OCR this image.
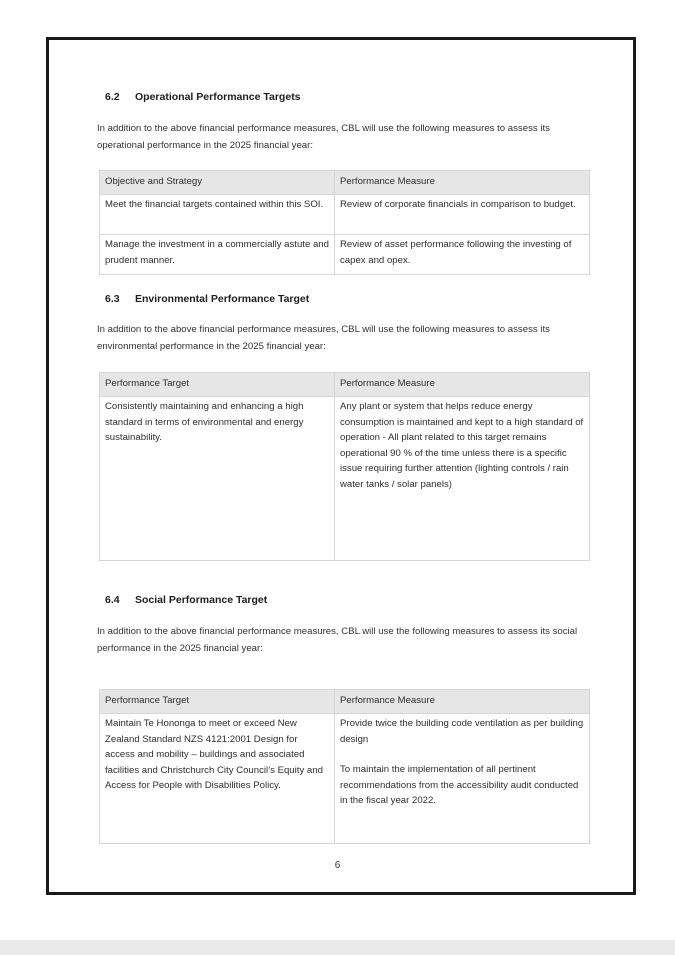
6.2 Operational Performance Targets
In addition to the above financial performance measures, CBL will use the following measures to assess its operational performance in the 2025 financial year:
Objective and Strategy	Performance Measure
Meet the financial targets contained within this SOI.	Review of corporate financials in comparison to budget.
Manage the investment in a commercially astute and prudent manner.	Review of asset performance following the investing of capex and opex.
6.3 Environmental Performance Target
In addition to the above financial performance measures, CBL will use the following measures to assess its environmental performance in the 2025 financial year:
Performance Target	Performance Measure
Consistently maintaining and enhancing a high standard in terms of environmental and energy sustainability.	Any plant or system that helps reduce energy consumption is maintained and kept to a high standard of operation - All plant related to this target remains operational 90 % of the time unless there is a specific issue requiring further attention (lighting controls / rain water tanks / solar panels)
6.4 Social Performance Target
In addition to the above financial performance measures, CBL will use the following measures to assess its social performance in the 2025 financial year:
Performance Target	Performance Measure
Maintain Te Hononga to meet or exceed New Zealand Standard NZS 4121:2001 Design for access and mobility – buildings and associated facilities and Christchurch City Council’s Equity and Access for People with Disabilities Policy.	Provide twice the building code ventilation as per building design
To maintain the implementation of all pertinent recommendations from the accessibility audit conducted in the fiscal year 2022.
6
